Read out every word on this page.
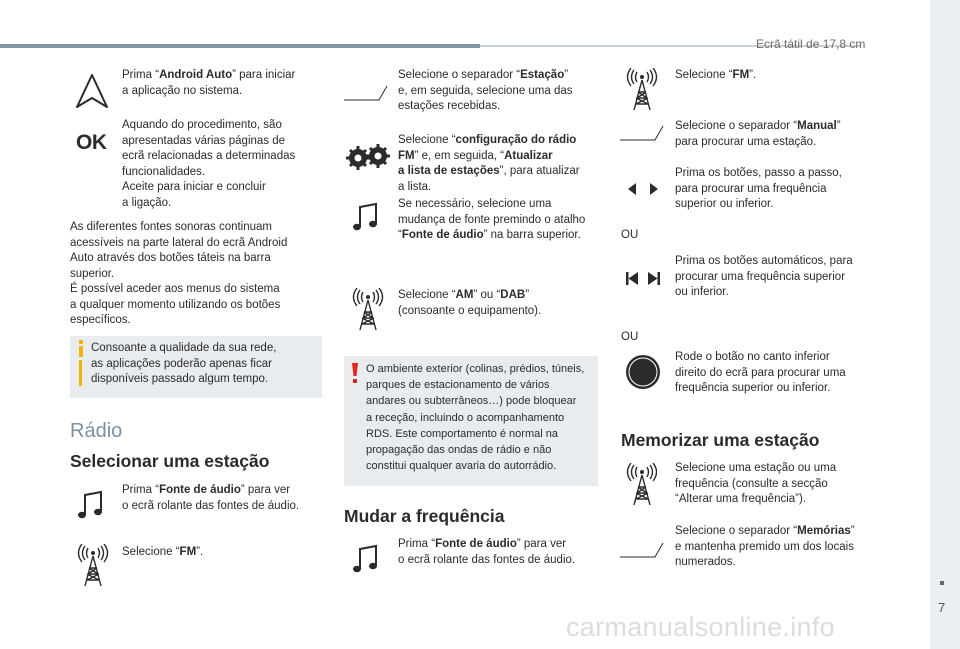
Ecrã tátil de 17,8 cm
7
carmanualsonline.info
Prima “Android Auto” para iniciar
a aplicação no sistema.
OK
Aquando do procedimento, são
apresentadas várias páginas de
ecrã relacionadas a determinadas
funcionalidades.
Aceite para iniciar e concluir
a ligação.
As diferentes fontes sonoras continuam
acessíveis na parte lateral do ecrã Android
Auto através dos botões táteis na barra
superior.
É possível aceder aos menus do sistema
a qualquer momento utilizando os botões
específicos.
Consoante a qualidade da sua rede,
as aplicações poderão apenas ficar
disponíveis passado algum tempo.
Rádio
Selecionar uma estação
Prima “Fonte de áudio” para ver
o ecrã rolante das fontes de áudio.
Selecione “FM”.
Selecione o separador “Estação”
e, em seguida, selecione uma das
estações recebidas.
Selecione “configuração do rádio
FM” e, em seguida, “Atualizar
a lista de estações”, para atualizar
a lista.
Se necessário, selecione uma
mudança de fonte premindo o atalho
“Fonte de áudio” na barra superior.
Selecione “AM” ou “DAB”
(consoante o equipamento).
O ambiente exterior (colinas, prédios, túneis,
parques de estacionamento de vários
andares ou subterrâneos…) pode bloquear
a receção, incluindo o acompanhamento
RDS. Este comportamento é normal na
propagação das ondas de rádio e não
constitui qualquer avaria do autorrádio.
Mudar a frequência
Prima “Fonte de áudio” para ver
o ecrã rolante das fontes de áudio.
Selecione “FM”.
Selecione o separador “Manual”
para procurar uma estação.
Prima os botões, passo a passo,
para procurar uma frequência
superior ou inferior.
OU
Prima os botões automáticos, para
procurar uma frequência superior
ou inferior.
OU
Rode o botão no canto inferior
direito do ecrã para procurar uma
frequência superior ou inferior.
Memorizar uma estação
Selecione uma estação ou uma
frequência (consulte a secção
“Alterar uma frequência”).
Selecione o separador “Memórias”
e mantenha premido um dos locais
numerados.
